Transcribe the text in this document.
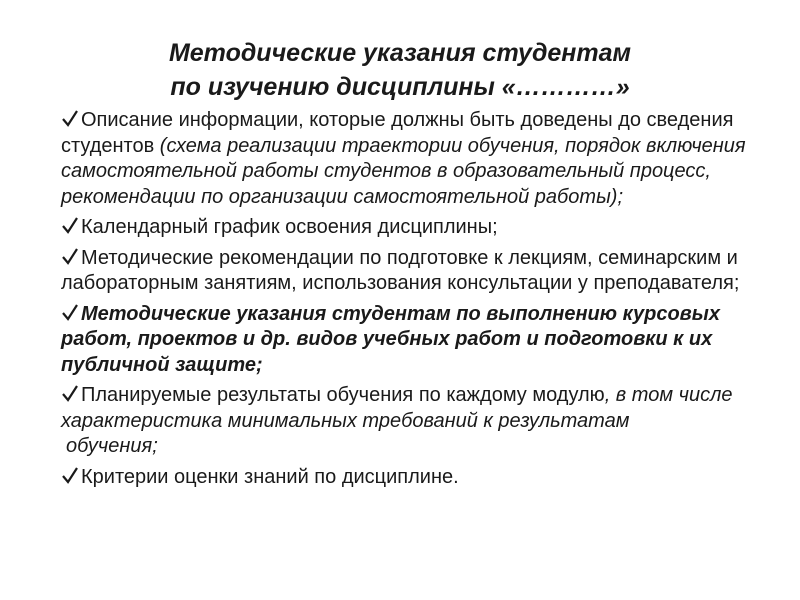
Методические указания студентам
по изучению дисциплины «…………»
Описание информации, которые должны быть доведены до сведения студентов (схема реализации траектории обучения, порядок включения самостоятельной работы студентов в образовательный процесс, рекомендации по организации самостоятельной работы);
Календарный график освоения дисциплины;
Методические рекомендации по подготовке к лекциям, семинарским и лабораторным занятиям, использования консультации у преподавателя;
Методические указания студентам по выполнению курсовых работ, проектов и др. видов учебных работ и подготовки к их публичной защите;
Планируемые результаты обучения по каждому модулю, в том числе характеристика минимальных требований к результатам
обучения;
Критерии оценки знаний по дисциплине.
